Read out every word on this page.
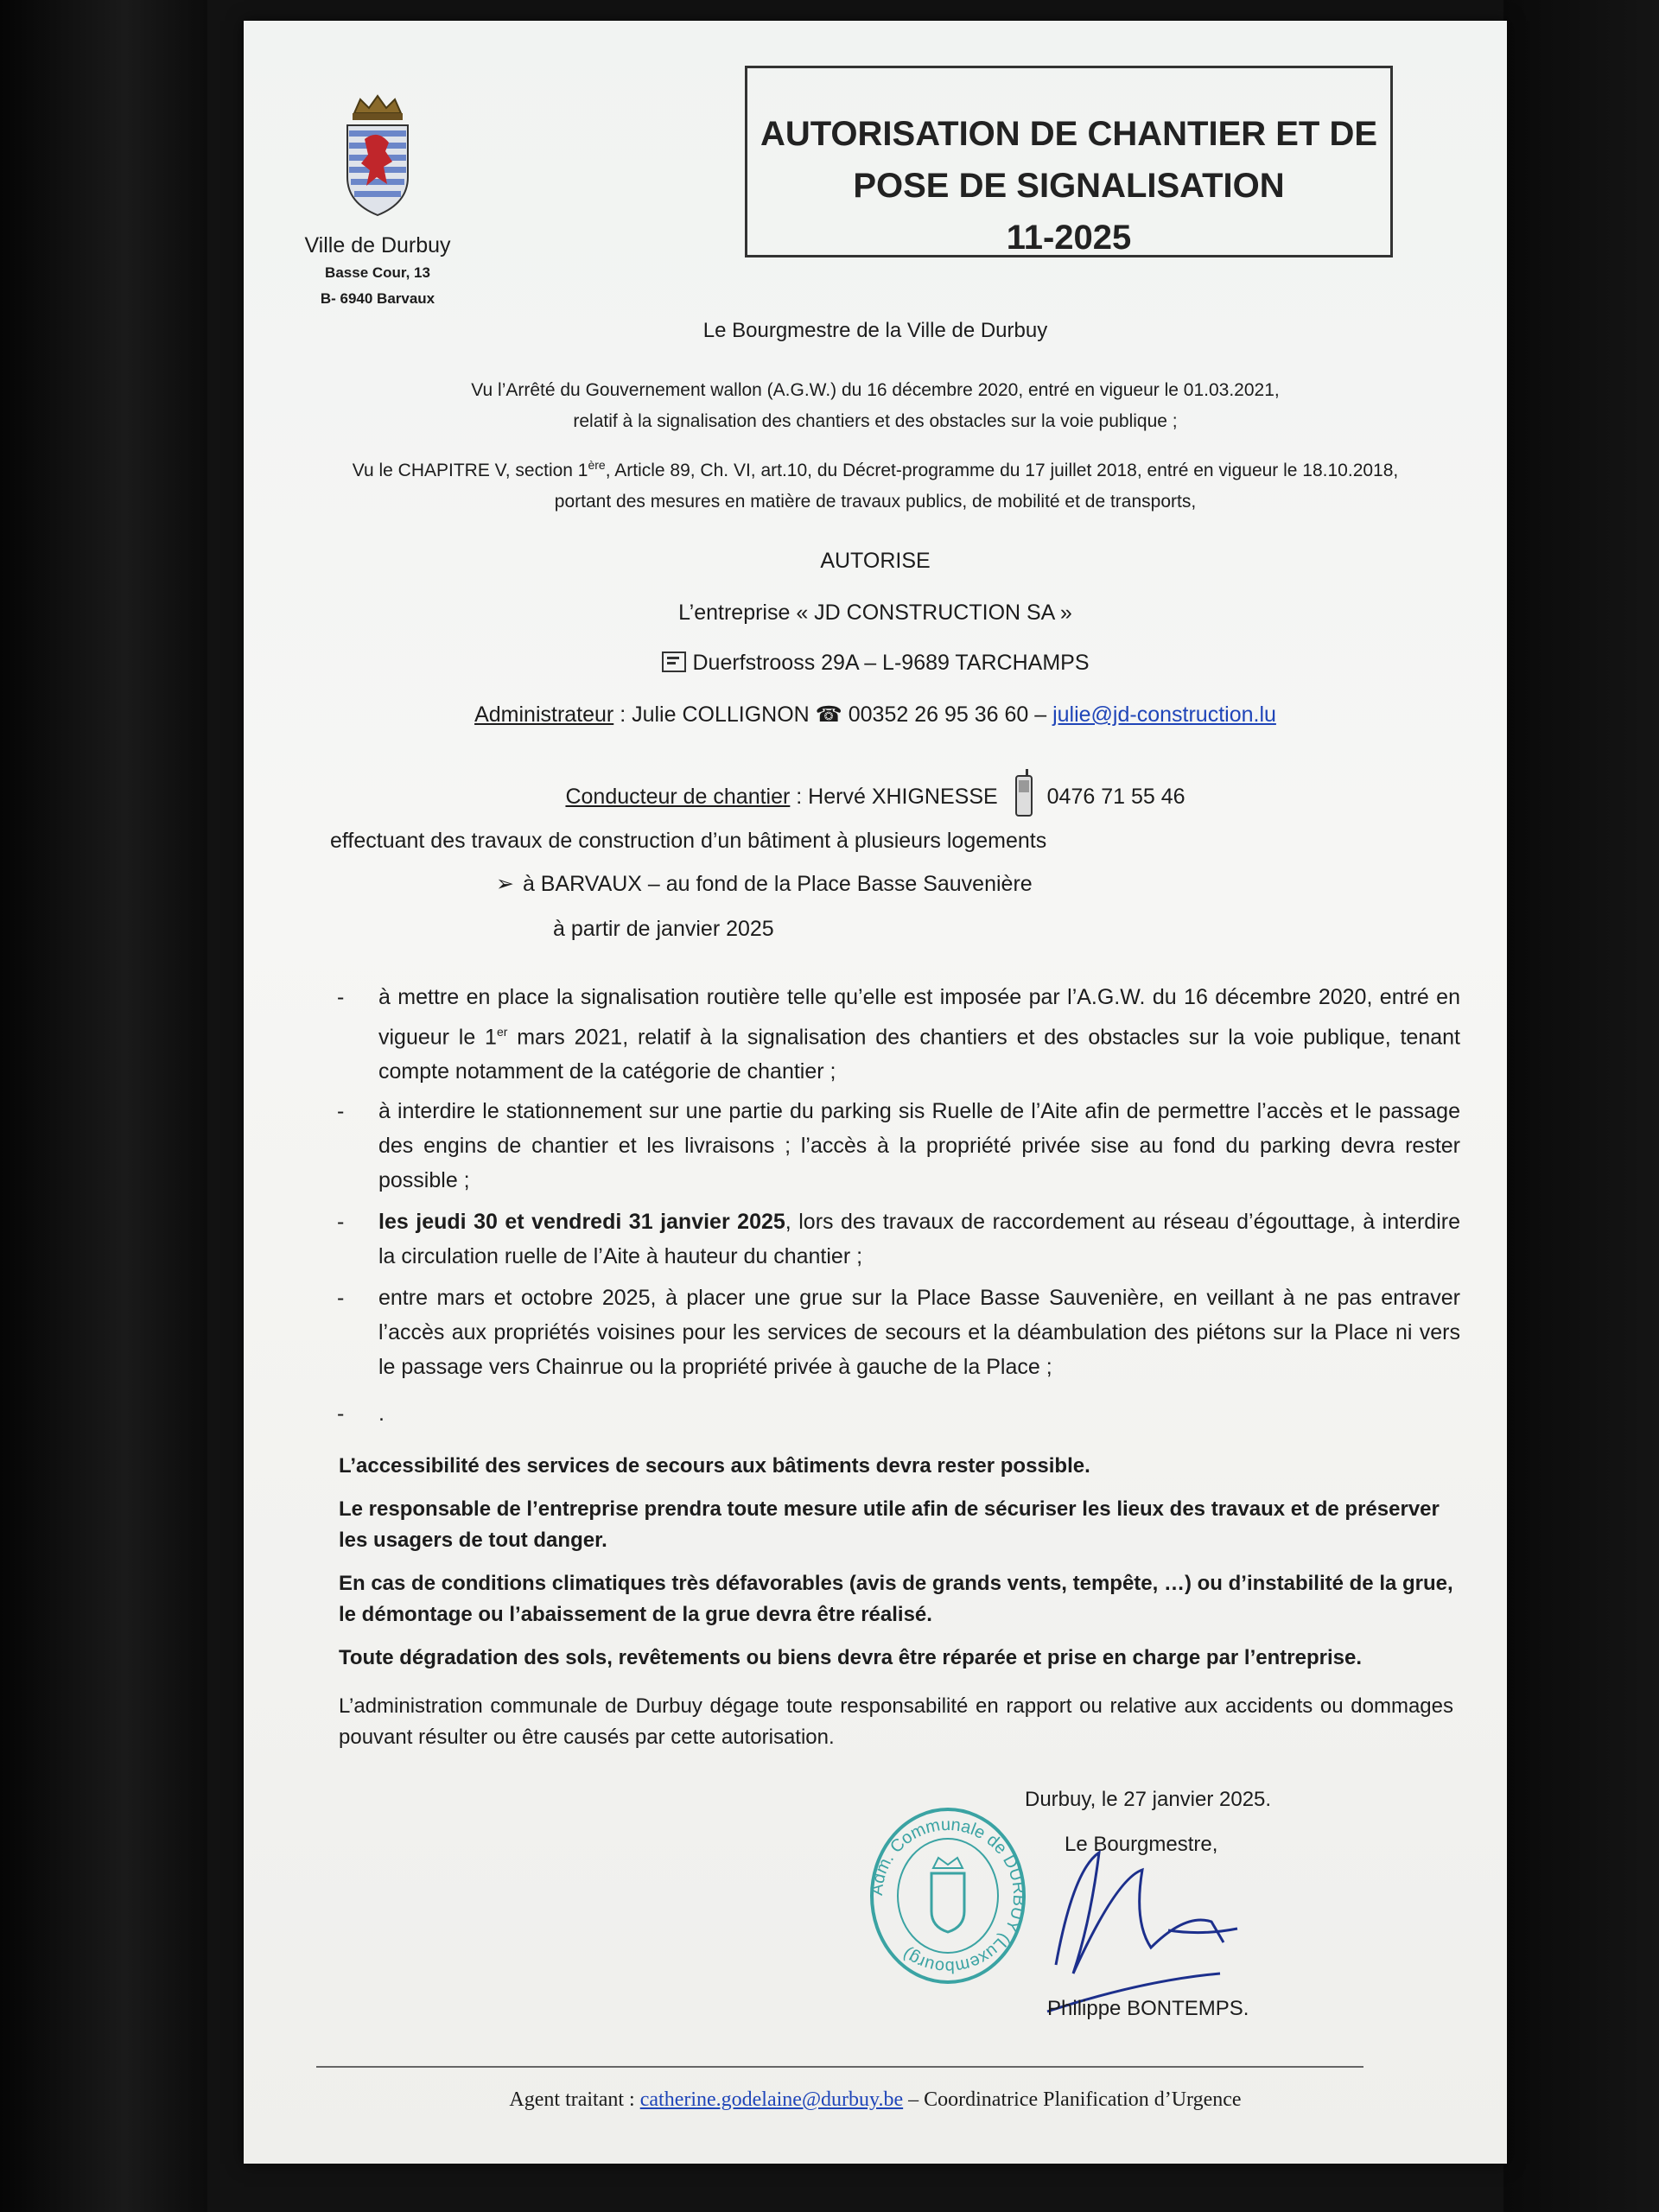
Ville de Durbuy
Basse Cour, 13
B- 6940 Barvaux
AUTORISATION DE CHANTIER ET DE
POSE DE SIGNALISATION
11-2025
Le Bourgmestre de la Ville de Durbuy
Vu l’Arrêté du Gouvernement wallon (A.G.W.) du 16 décembre 2020, entré en vigueur le 01.03.2021,
relatif à la signalisation des chantiers et des obstacles sur la voie publique ;
Vu le CHAPITRE V, section 1ère, Article 89, Ch. VI, art.10, du Décret-programme du 17 juillet 2018, entré en vigueur le 18.10.2018,
portant des mesures en matière de travaux publics, de mobilité et de transports,
AUTORISE
L’entreprise « JD CONSTRUCTION SA »
Duerfstrooss 29A – L-9689 TARCHAMPS
Administrateur : Julie COLLIGNON ☎ 00352 26 95 36 60 – julie@jd-construction.lu
Conducteur de chantier : Hervé XHIGNESSE 0476 71 55 46
effectuant des travaux de construction d’un bâtiment à plusieurs logements
➢ à BARVAUX – au fond de la Place Basse Sauvenière
à partir de janvier 2025
- à mettre en place la signalisation routière telle qu’elle est imposée par l’A.G.W. du 16 décembre 2020, entré en vigueur le 1er mars 2021, relatif à la signalisation des chantiers et des obstacles sur la voie publique, tenant compte notamment de la catégorie de chantier ;
- à interdire le stationnement sur une partie du parking sis Ruelle de l’Aite afin de permettre l’accès et le passage des engins de chantier et les livraisons ; l’accès à la propriété privée sise au fond du parking devra rester possible ;
- les jeudi 30 et vendredi 31 janvier 2025, lors des travaux de raccordement au réseau d’égouttage, à interdire la circulation ruelle de l’Aite à hauteur du chantier ;
- entre mars et octobre 2025, à placer une grue sur la Place Basse Sauvenière, en veillant à ne pas entraver l’accès aux propriétés voisines pour les services de secours et la déambulation des piétons sur la Place ni vers le passage vers Chainrue ou la propriété privée à gauche de la Place ;
- .
L’accessibilité des services de secours aux bâtiments devra rester possible.
Le responsable de l’entreprise prendra toute mesure utile afin de sécuriser les lieux des travaux et de préserver les usagers de tout danger.
En cas de conditions climatiques très défavorables (avis de grands vents, tempête, …) ou d’instabilité de la grue, le démontage ou l’abaissement de la grue devra être réalisé.
Toute dégradation des sols, revêtements ou biens devra être réparée et prise en charge par l’entreprise.
L’administration communale de Durbuy dégage toute responsabilité en rapport ou relative aux accidents ou dommages pouvant résulter ou être causés par cette autorisation.
Adm. Communale de DURBUY (Luxembourg)
Durbuy, le 27 janvier 2025.
Le Bourgmestre,
Philippe BONTEMPS.
Agent traitant : catherine.godelaine@durbuy.be – Coordinatrice Planification d’Urgence
